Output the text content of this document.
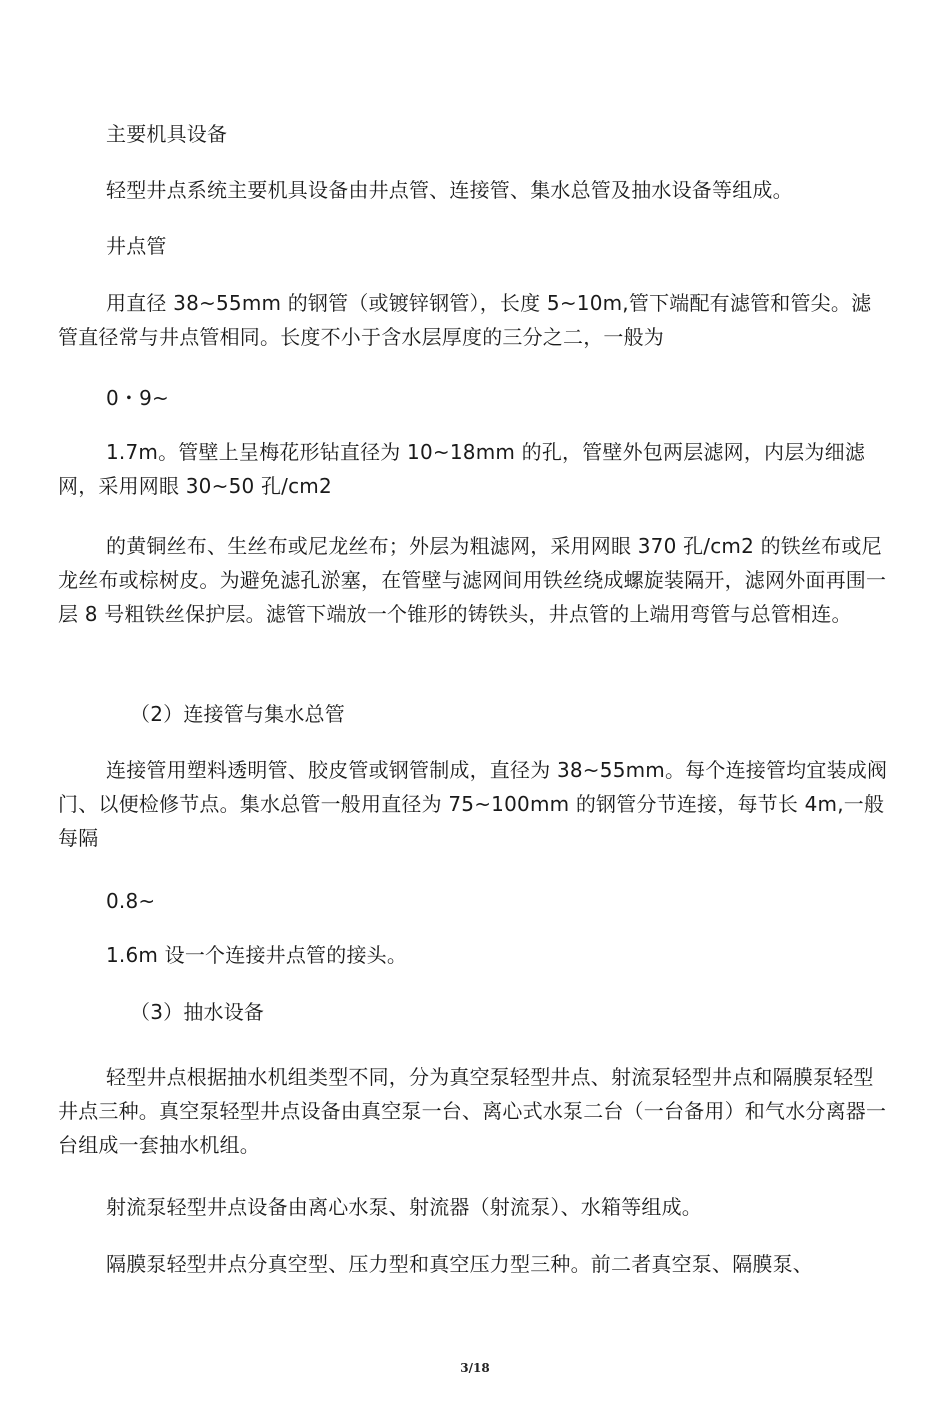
主要机具设备

轻型井点系统主要机具设备由井点管、连接管、集水总管及抽水设备等组成。

井点管

用直径 38~55mm 的钢管（或镀锌钢管），长度 5~10m,管下端配有滤管和管尖。滤管直径常与井点管相同。长度不小于含水层厚度的三分之二，一般为

0・9~

1.7m。管壁上呈梅花形钻直径为 10~18mm 的孔，管壁外包两层滤网，内层为细滤网，采用网眼 30~50 孔/cm2

的黄铜丝布、生丝布或尼龙丝布；外层为粗滤网，采用网眼 370 孔/cm2 的铁丝布或尼龙丝布或棕树皮。为避免滤孔淤塞，在管壁与滤网间用铁丝绕成螺旋装隔开，滤网外面再围一层 8 号粗铁丝保护层。滤管下端放一个锥形的铸铁头，井点管的上端用弯管与总管相连。

（2）连接管与集水总管

连接管用塑料透明管、胶皮管或钢管制成，直径为 38~55mm。每个连接管均宜装成阀门、以便检修节点。集水总管一般用直径为 75~100mm 的钢管分节连接，每节长 4m,一般每隔

0.8~

1.6m 设一个连接井点管的接头。

（3）抽水设备

轻型井点根据抽水机组类型不同，分为真空泵轻型井点、射流泵轻型井点和隔膜泵轻型井点三种。真空泵轻型井点设备由真空泵一台、离心式水泵二台（一台备用）和气水分离器一台组成一套抽水机组。

射流泵轻型井点设备由离心水泵、射流器（射流泵）、水箱等组成。

隔膜泵轻型井点分真空型、压力型和真空压力型三种。前二者真空泵、隔膜泵、

3/18
